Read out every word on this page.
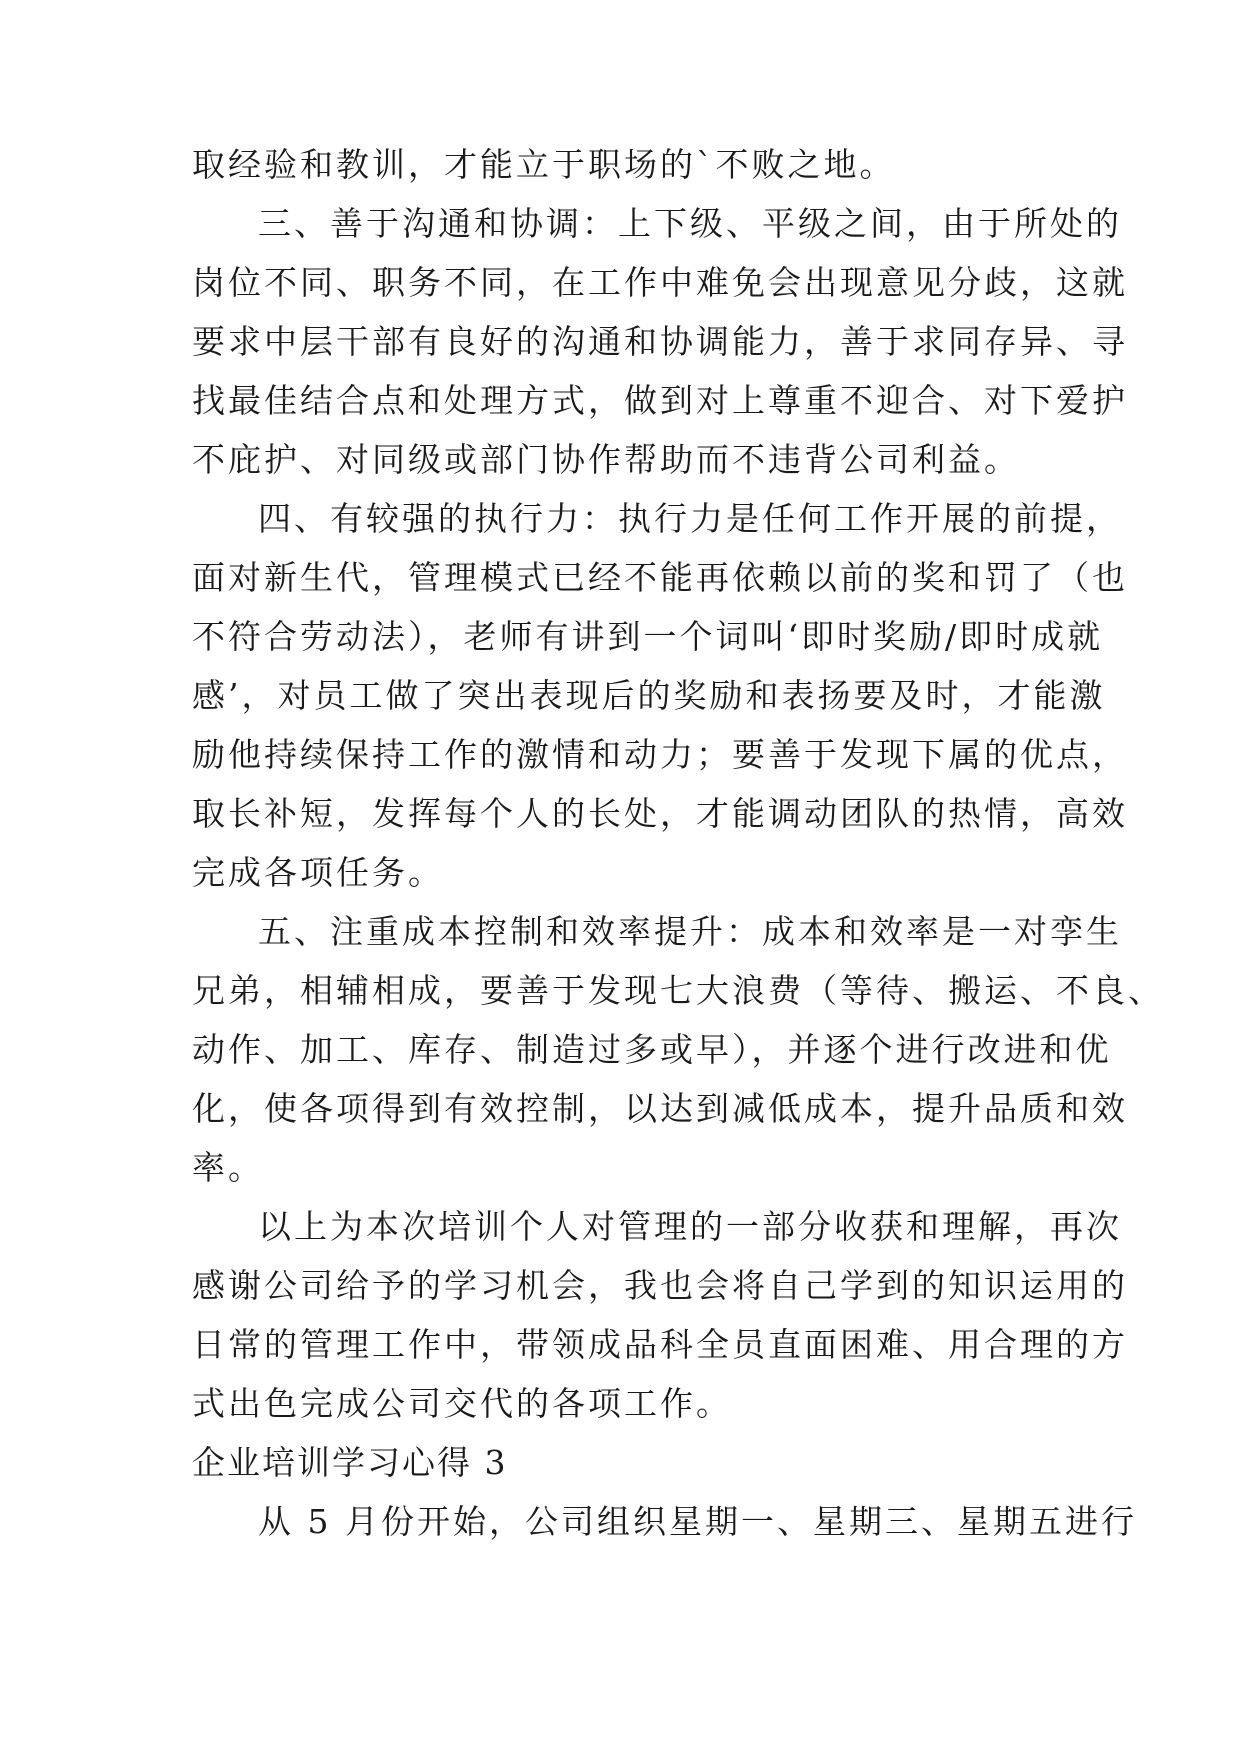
取经验和教训，才能立于职场的`不败之地。
三、善于沟通和协调：上下级、平级之间，由于所处的
岗位不同、职务不同，在工作中难免会出现意见分歧，这就
要求中层干部有良好的沟通和协调能力，善于求同存异、寻
找最佳结合点和处理方式，做到对上尊重不迎合、对下爱护
不庇护、对同级或部门协作帮助而不违背公司利益。
四、有较强的执行力：执行力是任何工作开展的前提，
面对新生代，管理模式已经不能再依赖以前的奖和罚了（也
不符合劳动法），老师有讲到一个词叫‘即时奖励/即时成就
感’，对员工做了突出表现后的奖励和表扬要及时，才能激
励他持续保持工作的激情和动力；要善于发现下属的优点，
取长补短，发挥每个人的长处，才能调动团队的热情，高效
完成各项任务。
五、注重成本控制和效率提升：成本和效率是一对孪生
兄弟，相辅相成，要善于发现七大浪费（等待、搬运、不良、
动作、加工、库存、制造过多或早），并逐个进行改进和优
化，使各项得到有效控制，以达到减低成本，提升品质和效
率。
以上为本次培训个人对管理的一部分收获和理解，再次
感谢公司给予的学习机会，我也会将自己学到的知识运用的
日常的管理工作中，带领成品科全员直面困难、用合理的方
式出色完成公司交代的各项工作。
企业培训学习心得 3
从 5 月份开始，公司组织星期一、星期三、星期五进行
